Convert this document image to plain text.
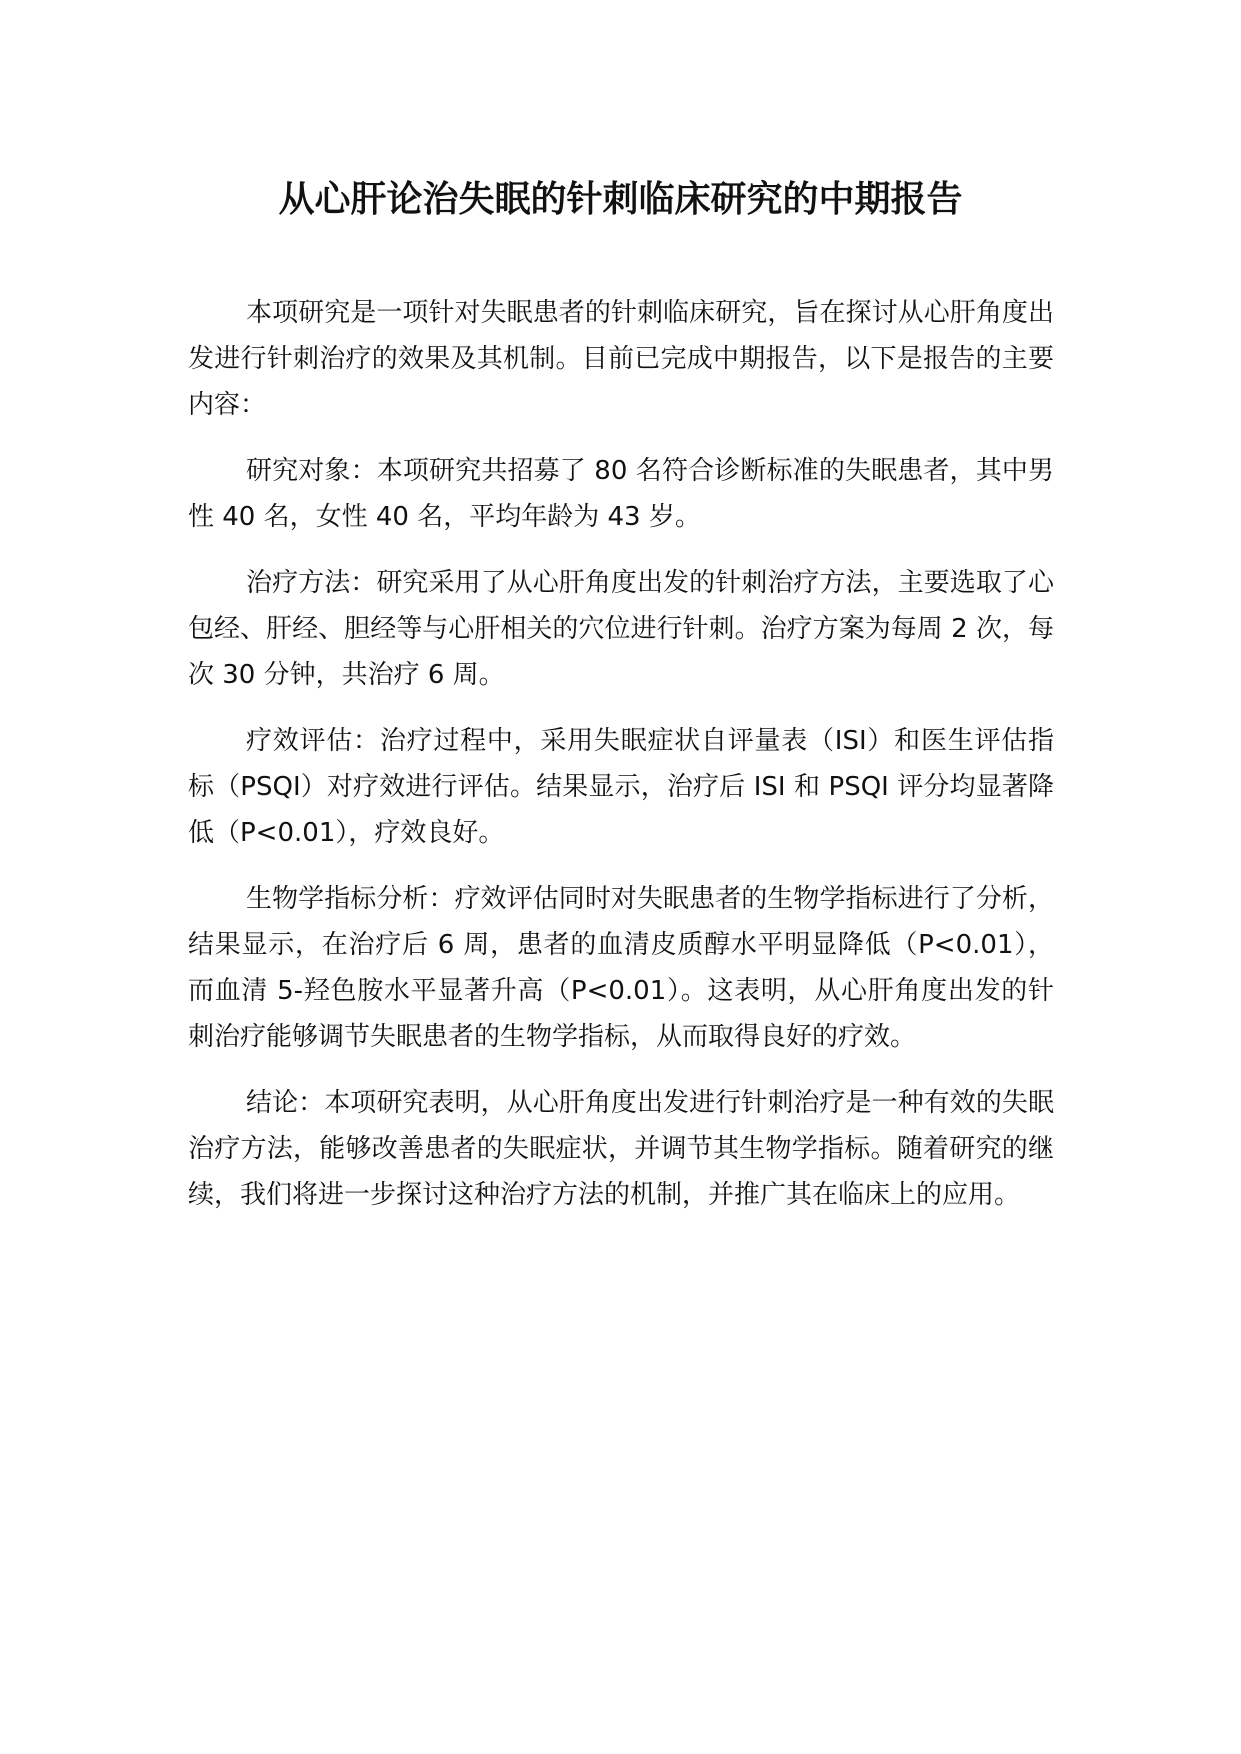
从心肝论治失眠的针刺临床研究的中期报告

本项研究是一项针对失眠患者的针刺临床研究，旨在探讨从心肝角度出发进行针刺治疗的效果及其机制。目前已完成中期报告，以下是报告的主要内容：

研究对象：本项研究共招募了 80 名符合诊断标准的失眠患者，其中男性 40 名，女性 40 名，平均年龄为 43 岁。

治疗方法：研究采用了从心肝角度出发的针刺治疗方法，主要选取了心包经、肝经、胆经等与心肝相关的穴位进行针刺。治疗方案为每周 2 次，每次 30 分钟，共治疗 6 周。

疗效评估：治疗过程中，采用失眠症状自评量表（ISI）和医生评估指标（PSQI）对疗效进行评估。结果显示，治疗后 ISI 和 PSQI 评分均显著降低（P<0.01），疗效良好。

生物学指标分析：疗效评估同时对失眠患者的生物学指标进行了分析，结果显示，在治疗后 6 周，患者的血清皮质醇水平明显降低（P<0.01），而血清 5-羟色胺水平显著升高（P<0.01）。这表明，从心肝角度出发的针刺治疗能够调节失眠患者的生物学指标，从而取得良好的疗效。

结论：本项研究表明，从心肝角度出发进行针刺治疗是一种有效的失眠治疗方法，能够改善患者的失眠症状，并调节其生物学指标。随着研究的继续，我们将进一步探讨这种治疗方法的机制，并推广其在临床上的应用。
